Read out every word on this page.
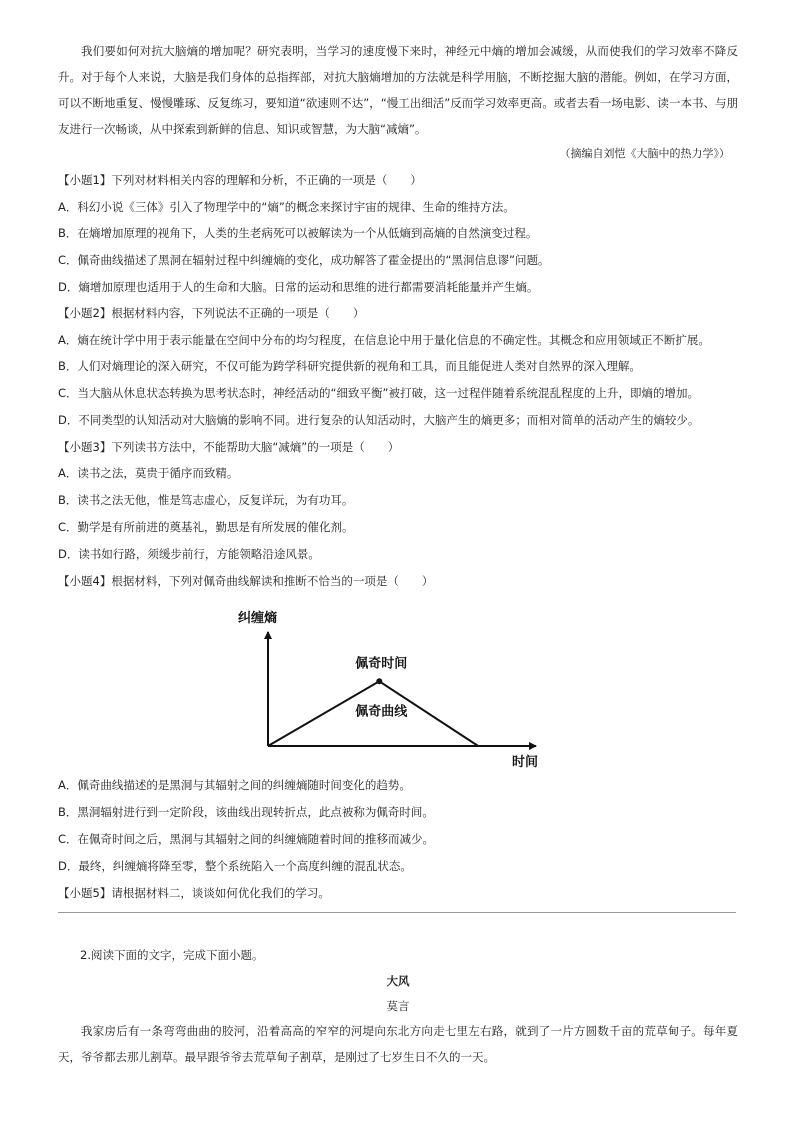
我们要如何对抗大脑熵的增加呢？研究表明，当学习的速度慢下来时，神经元中熵的增加会减缓，从而使我们的学习效率不降反升。对于每个人来说，大脑是我们身体的总指挥部，对抗大脑熵增加的方法就是科学用脑，不断挖掘大脑的潜能。例如，在学习方面，可以不断地重复、慢慢雕琢、反复练习，要知道“欲速则不达”，“慢工出细活”反而学习效率更高。或者去看一场电影、读一本书、与朋友进行一次畅谈，从中探索到新鲜的信息、知识或智慧，为大脑“减熵”。

（摘编自刘恺《大脑中的热力学》）
【小题1】下列对材料相关内容的理解和分析，不正确的一项是（　　）
A．科幻小说《三体》引入了物理学中的“熵”的概念来探讨宇宙的规律、生命的维持方法。
B．在熵增加原理的视角下，人类的生老病死可以被解读为一个从低熵到高熵的自然演变过程。
C．佩奇曲线描述了黑洞在辐射过程中纠缠熵的变化，成功解答了霍金提出的“黑洞信息谬”问题。
D．熵增加原理也适用于人的生命和大脑。日常的运动和思维的进行都需要消耗能量并产生熵。
【小题2】根据材料内容，下列说法不正确的一项是（　　）
A．熵在统计学中用于表示能量在空间中分布的均匀程度，在信息论中用于量化信息的不确定性。其概念和应用领域正不断扩展。
B．人们对熵理论的深入研究，不仅可能为跨学科研究提供新的视角和工具，而且能促进人类对自然界的深入理解。
C．当大脑从休息状态转换为思考状态时，神经活动的“细致平衡”被打破，这一过程伴随着系统混乱程度的上升，即熵的增加。
D．不同类型的认知活动对大脑熵的影响不同。进行复杂的认知活动时，大脑产生的熵更多；而相对简单的活动产生的熵较少。
【小题3】下列读书方法中，不能帮助大脑“减熵”的一项是（　　）
A．读书之法，莫贵于循序而致精。
B．读书之法无他，惟是笃志虚心，反复详玩，为有功耳。
C．勤学是有所前进的奠基礼，勤思是有所发展的催化剂。
D．读书如行路，须缓步前行，方能领略沿途风景。
【小题4】根据材料，下列对佩奇曲线解读和推断不恰当的一项是（　　）
纠缠熵
时间
佩奇时间
佩奇曲线
A．佩奇曲线描述的是黑洞与其辐射之间的纠缠熵随时间变化的趋势。
B．黑洞辐射进行到一定阶段，该曲线出现转折点，此点被称为佩奇时间。
C．在佩奇时间之后，黑洞与其辐射之间的纠缠熵随着时间的推移而减少。
D．最终，纠缠熵将降至零，整个系统陷入一个高度纠缠的混乱状态。
【小题5】请根据材料二，谈谈如何优化我们的学习。
2.阅读下面的文字，完成下面小题。
大风
莫言

我家房后有一条弯弯曲曲的胶河，沿着高高的窄窄的河堤向东北方向走七里左右路，就到了一片方圆数千亩的荒草甸子。每年夏天，爷爷都去那儿割草。最早跟爷爷去荒草甸子割草，是刚过了七岁生日不久的一天。
